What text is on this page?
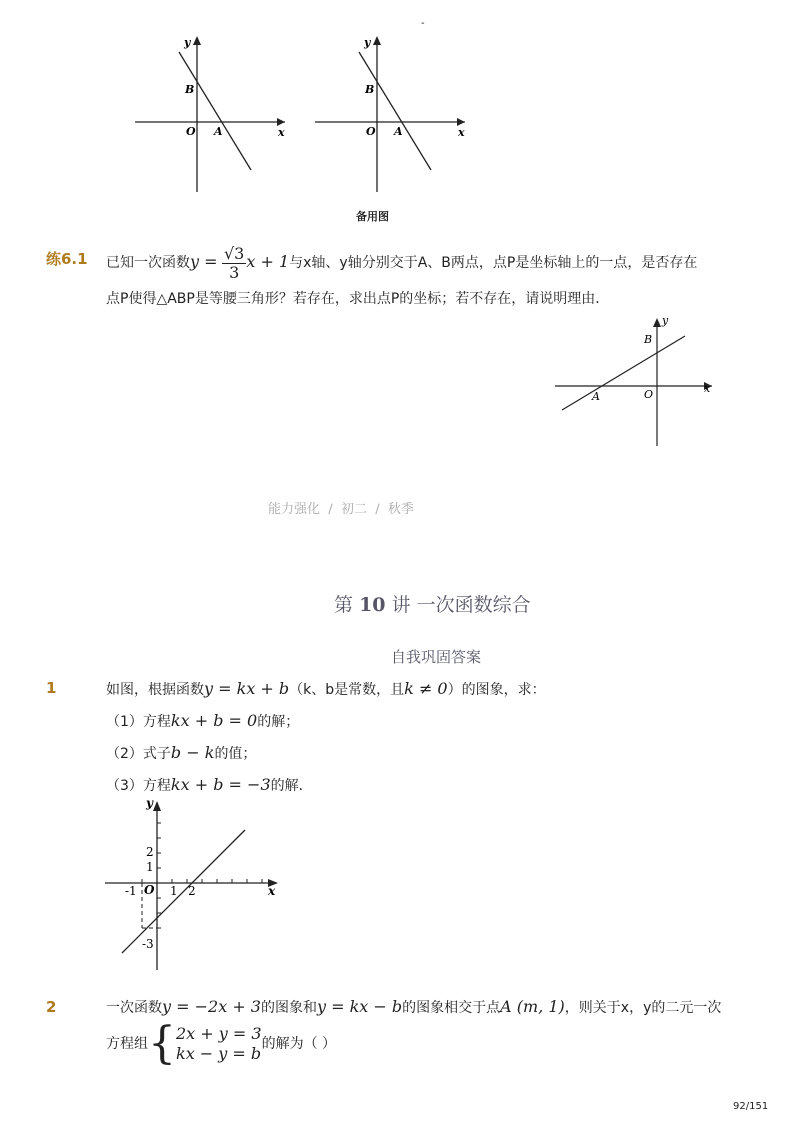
-
y
x
O A
B
y
x
O A
B
备用图
练6.1 已知一次函数$y = \frac{√3}{3}$ x + 1与x轴、y轴分别交于A、B两点，点P是坐标轴上的一点，是否存在
点P使得△ABP是等腰三角形？若存在，求出点P的坐标；若不存在，请说明理由．
y
x
O
A
B
能力强化 / 初二 / 秋季
第 10 讲 一次函数综合
自我巩固答案
1	如图，根据函数y = kx + b（k、b是常数，且k ≠ 0）的图象，求：
（1）方程kx + b = 0的解；
（2）式子b − k的值；
（3）方程kx + b = −3的解．
y
x
O
2
1
-3
-1	1 2
2	一次函数y = −2x + 3的图象和y = kx − b的图象相交于点A (m, 1)，则关于x，y的二元一次
方程组{ 2x + y = 3
kx − y = b 的解为（ ）
92/151
